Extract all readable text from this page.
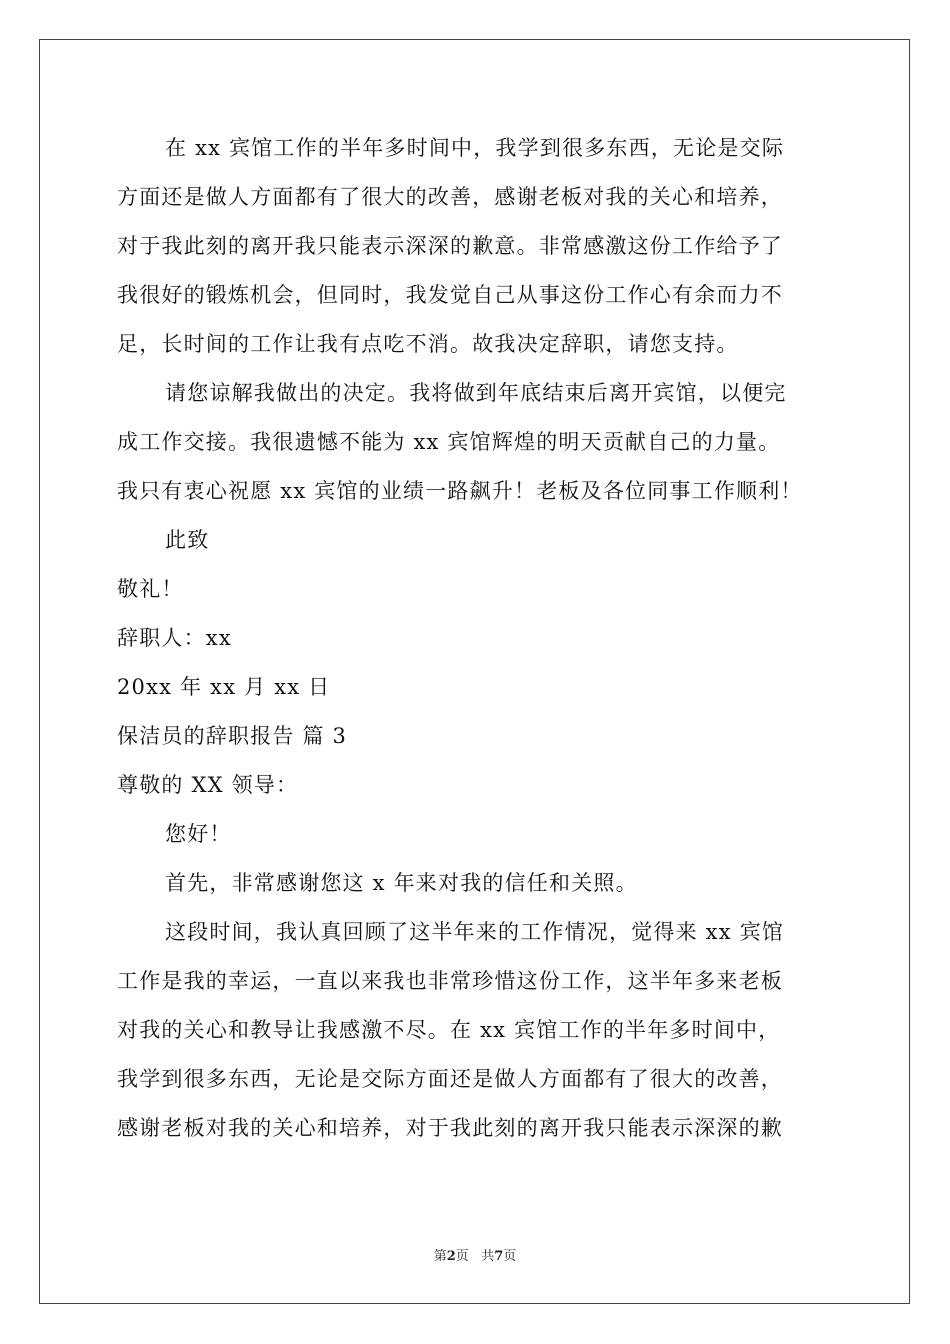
在 xx 宾馆工作的半年多时间中，我学到很多东西，无论是交际
方面还是做人方面都有了很大的改善，感谢老板对我的关心和培养，
对于我此刻的离开我只能表示深深的歉意。非常感激这份工作给予了
我很好的锻炼机会，但同时，我发觉自己从事这份工作心有余而力不
足，长时间的工作让我有点吃不消。故我决定辞职，请您支持。
请您谅解我做出的决定。我将做到年底结束后离开宾馆，以便完
成工作交接。我很遗憾不能为 xx 宾馆辉煌的明天贡献自己的力量。
我只有衷心祝愿 xx 宾馆的业绩一路飙升！老板及各位同事工作顺利！
此致
敬礼！
辞职人：xx
20xx 年 xx 月 xx 日
保洁员的辞职报告 篇 3
尊敬的 XX 领导：
您好！
首先，非常感谢您这 x 年来对我的信任和关照。
这段时间，我认真回顾了这半年来的工作情况，觉得来 xx 宾馆
工作是我的幸运，一直以来我也非常珍惜这份工作，这半年多来老板
对我的关心和教导让我感激不尽。在 xx 宾馆工作的半年多时间中，
我学到很多东西，无论是交际方面还是做人方面都有了很大的改善，
感谢老板对我的关心和培养，对于我此刻的离开我只能表示深深的歉
第2页 共7页
